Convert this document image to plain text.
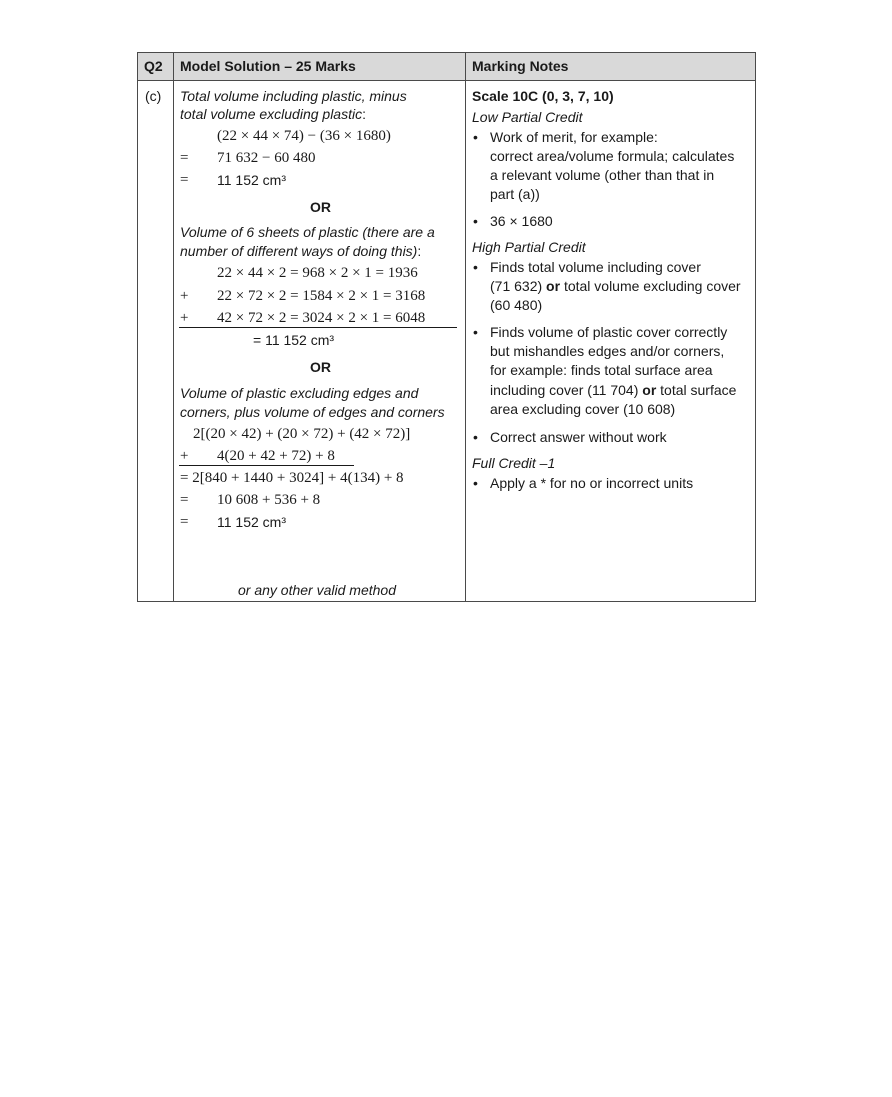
Q2 Model Solution – 25 Marks	Marking Notes
(c) Total volume including plastic, minus
total volume excluding plastic:
(22 × 44 × 74) − (36 × 1680)
= 71 632 − 60 480
= 11 152 cm³
OR
Volume of 6 sheets of plastic (there are a
number of different ways of doing this):
22 × 44 × 2 = 968 × 2 × 1 = 1936
+ 22 × 72 × 2 = 1584 × 2 × 1 = 3168
+ 42 × 72 × 2 = 3024 × 2 × 1 = 6048
= 11 152 cm³
OR
Volume of plastic excluding edges and
corners, plus volume of edges and corners
2[(20 × 42) + (20 × 72) + (42 × 72)]
+ 4(20 + 42 + 72) + 8
= 2[840 + 1440 + 3024] + 4(134) + 8
= 10 608 + 536 + 8
= 11 152 cm³
or any other valid method
Scale 10C (0, 3, 7, 10)
Low Partial Credit
• Work of merit, for example:
correct area/volume formula; calculates
a relevant volume (other than that in
part (a))
• 36 × 1680
High Partial Credit
• Finds total volume including cover
(71 632) or total volume excluding cover
(60 480)
• Finds volume of plastic cover correctly
but mishandles edges and/or corners,
for example: finds total surface area
including cover (11 704) or total surface
area excluding cover (10 608)
• Correct answer without work
Full Credit –1
• Apply a * for no or incorrect units
